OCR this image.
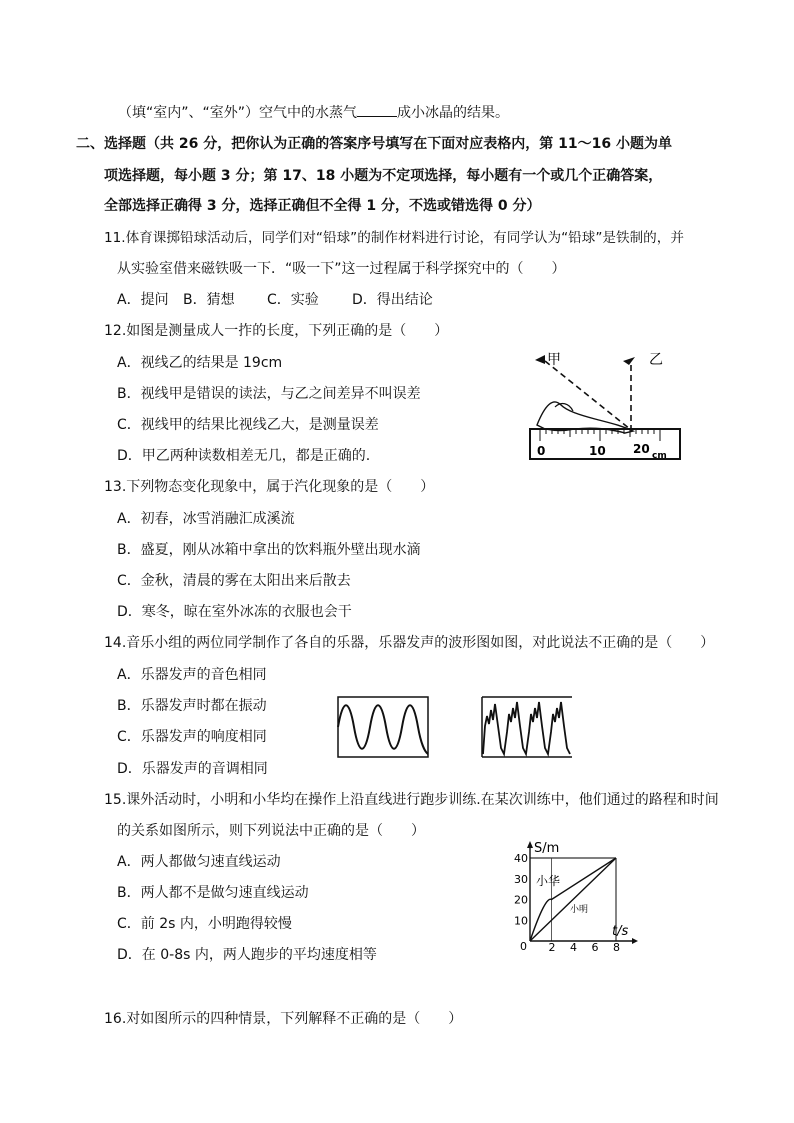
（填“室内”、“室外”）空气中的水蒸气	成小冰晶的结果。
二、 选择题（共 26 分，把你认为正确的答案序号填写在下面对应表格内，第 11～16 小题为单
项选择题，每小题 3 分；第 17、18 小题为不定项选择，每小题有一个或几个正确答案，
全部选择正确得 3 分，选择正确但不全得 1 分，不选或错选得 0 分）
11.体育课掷铅球活动后，同学们对“铅球”的制作材料进行讨论，有同学认为“铅球”是铁制的，并
从实验室借来磁铁吸一下．“吸一下”这一过程属于科学探究中的（　　）
A．提问 B．猜想 C．实验 D．得出结论
12.如图是测量成人一拃的长度，下列正确的是（　　）
A．视线乙的结果是 19cm
B．视线甲是错误的读法，与乙之间差异不叫误差
C．视线甲的结果比视线乙大，是测量误差
D．甲乙两种读数相差无几，都是正确的.
甲	乙
0	10 20 cm
13.下列物态变化现象中，属于汽化现象的是（　　）
A．初春，冰雪消融汇成溪流
B．盛夏，刚从冰箱中拿出的饮料瓶外壁出现水滴
C．金秋，清晨的雾在太阳出来后散去
D．寒冬，晾在室外冰冻的衣服也会干
14.音乐小组的两位同学制作了各自的乐器，乐器发声的波形图如图，对此说法不正确的是（　　）
A．乐器发声的音色相同
B．乐器发声时都在振动
C．乐器发声的响度相同
D．乐器发声的音调相同
15.课外活动时，小明和小华均在操作上沿直线进行跑步训练.在某次训练中，他们通过的路程和时间
的关系如图所示，则下列说法中正确的是（　　）
A．两人都做匀速直线运动
B．两人都不是做匀速直线运动
C．前 2s 内，小明跑得较慢
D．在 0-8s 内，两人跑步的平均速度相等
S/m
t/s
0 2 4 6 8
10
20
30
40
小华
小明
16.对如图所示的四种情景，下列解释不正确的是（　　）
